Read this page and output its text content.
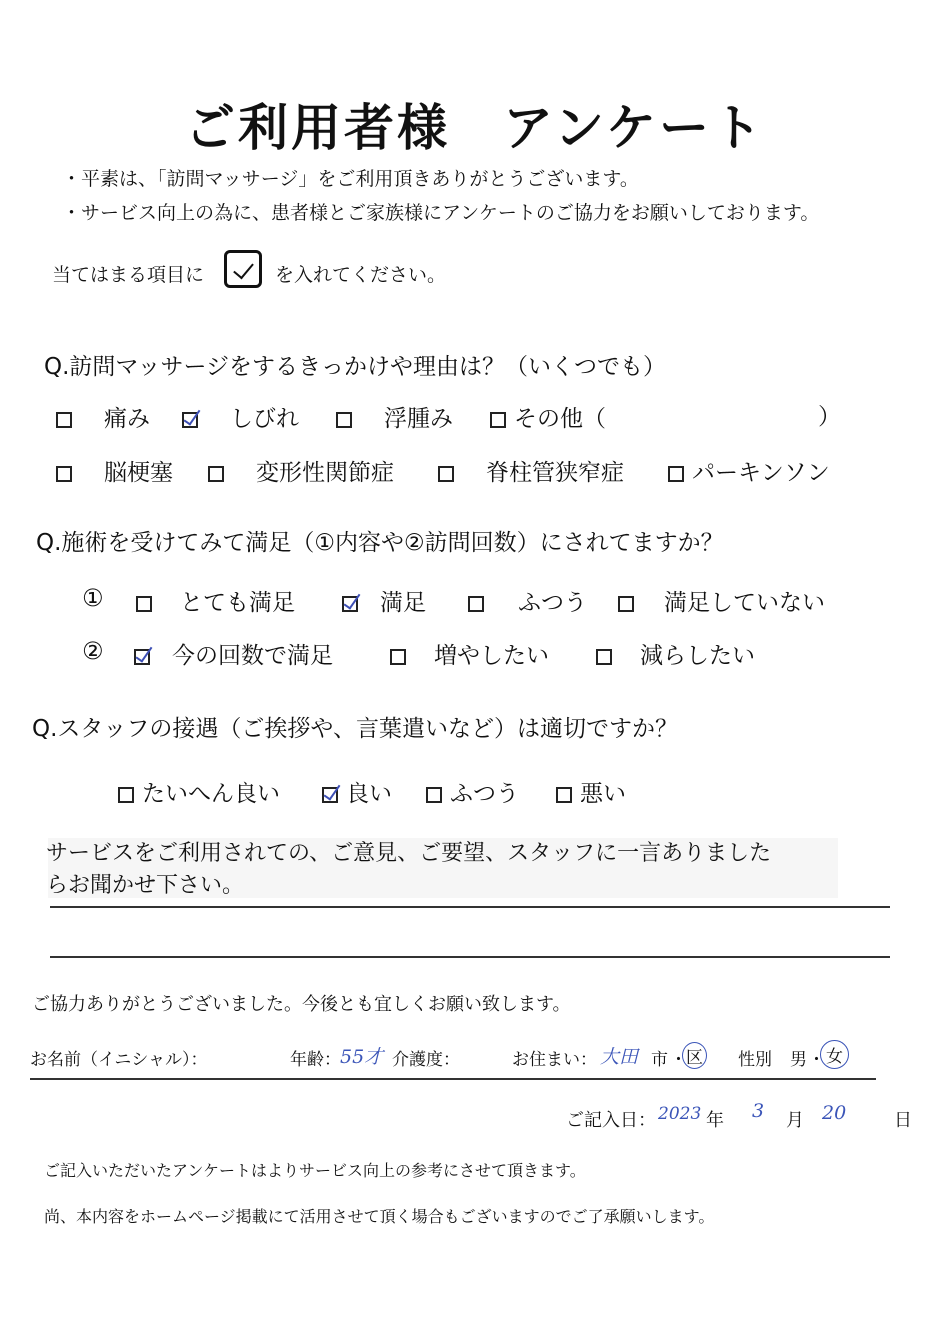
ご利用者様　アンケート
・平素は、「訪問マッサージ」をご利用頂きありがとうございます。
・サービス向上の為に、患者様とご家族様にアンケートのご協力をお願いしております。
当てはまる項目に	を入れてください。
Q.訪問マッサージをするきっかけや理由は？（いくつでも）
痛み	しびれ	浮腫み	その他（	）
脳梗塞	変形性関節症	脊柱管狭窄症	パーキンソン
Q.施術を受けてみて満足（①内容や②訪問回数）にされてますか？
①	とても満足	満足	ふつう	満足していない
②	今の回数で満足	増やしたい	減らしたい
Q.スタッフの接遇（ご挨拶や、言葉遣いなど）は適切ですか？
たいへん良い	良い	ふつう	悪い
サービスをご利用されての、ご意見、ご要望、スタッフに一言ありました
らお聞かせ下さい。
ご協力ありがとうございました。今後とも宜しくお願い致します。
お名前（イニシャル）：	年齢： 55才 介護度：	お住まい： 大田 市 ・ 区 性別 男 ・ 女
ご記入日： 2023 年 3 月 20	日
ご記入いただいたアンケートはよりサービス向上の参考にさせて頂きます。
尚、本内容をホームページ掲載にて活用させて頂く場合もございますのでご了承願いします。
